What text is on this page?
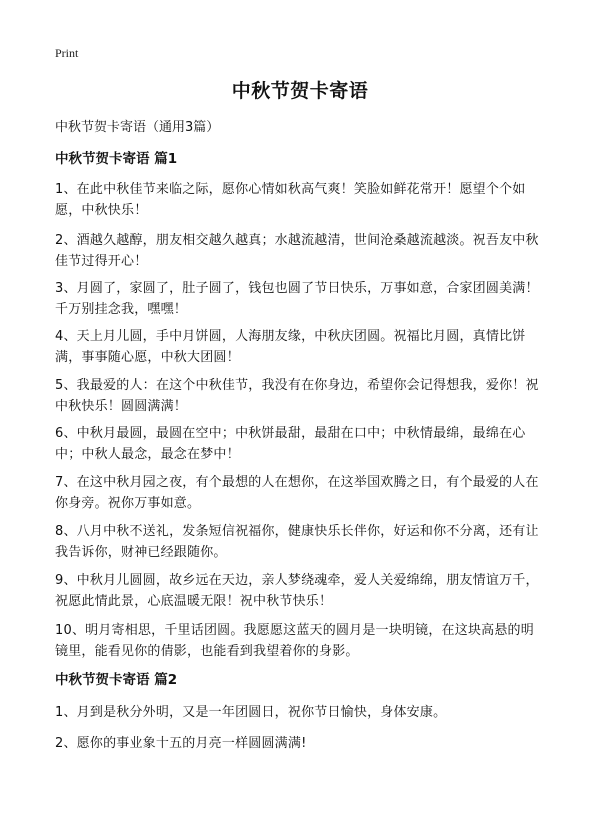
Print
中秋节贺卡寄语

中秋节贺卡寄语（通用3篇）

中秋节贺卡寄语 篇1

1、在此中秋佳节来临之际，愿你心情如秋高气爽！笑脸如鲜花常开！愿望个个如愿，中秋快乐！

2、酒越久越醇，朋友相交越久越真；水越流越清，世间沧桑越流越淡。祝吾友中秋佳节过得开心！

3、月圆了，家圆了，肚子圆了，钱包也圆了节日快乐，万事如意，合家团圆美满！千万别挂念我，嘿嘿！

4、天上月儿圆，手中月饼圆，人海朋友缘，中秋庆团圆。祝福比月圆，真情比饼满，事事随心愿，中秋大团圆！

5、我最爱的人：在这个中秋佳节，我没有在你身边，希望你会记得想我，爱你！祝中秋快乐！圆圆满满！

6、中秋月最圆，最圆在空中；中秋饼最甜，最甜在口中；中秋情最绵，最绵在心中；中秋人最念，最念在梦中！

7、在这中秋月园之夜，有个最想的人在想你，在这举国欢腾之日，有个最爱的人在你身旁。祝你万事如意。

8、八月中秋不送礼，发条短信祝福你，健康快乐长伴你，好运和你不分离，还有让我告诉你，财神已经跟随你。

9、中秋月儿圆圆，故乡远在天边，亲人梦绕魂牵，爱人关爱绵绵，朋友情谊万千，祝愿此情此景，心底温暖无限！祝中秋节快乐！

10、明月寄相思，千里话团圆。我愿愿这蓝天的圆月是一块明镜，在这块高悬的明镜里，能看见你的倩影，也能看到我望着你的身影。

中秋节贺卡寄语 篇2

1、月到是秋分外明，又是一年团圆日，祝你节日愉快，身体安康。

2、愿你的事业象十五的月亮一样圆圆满满!
